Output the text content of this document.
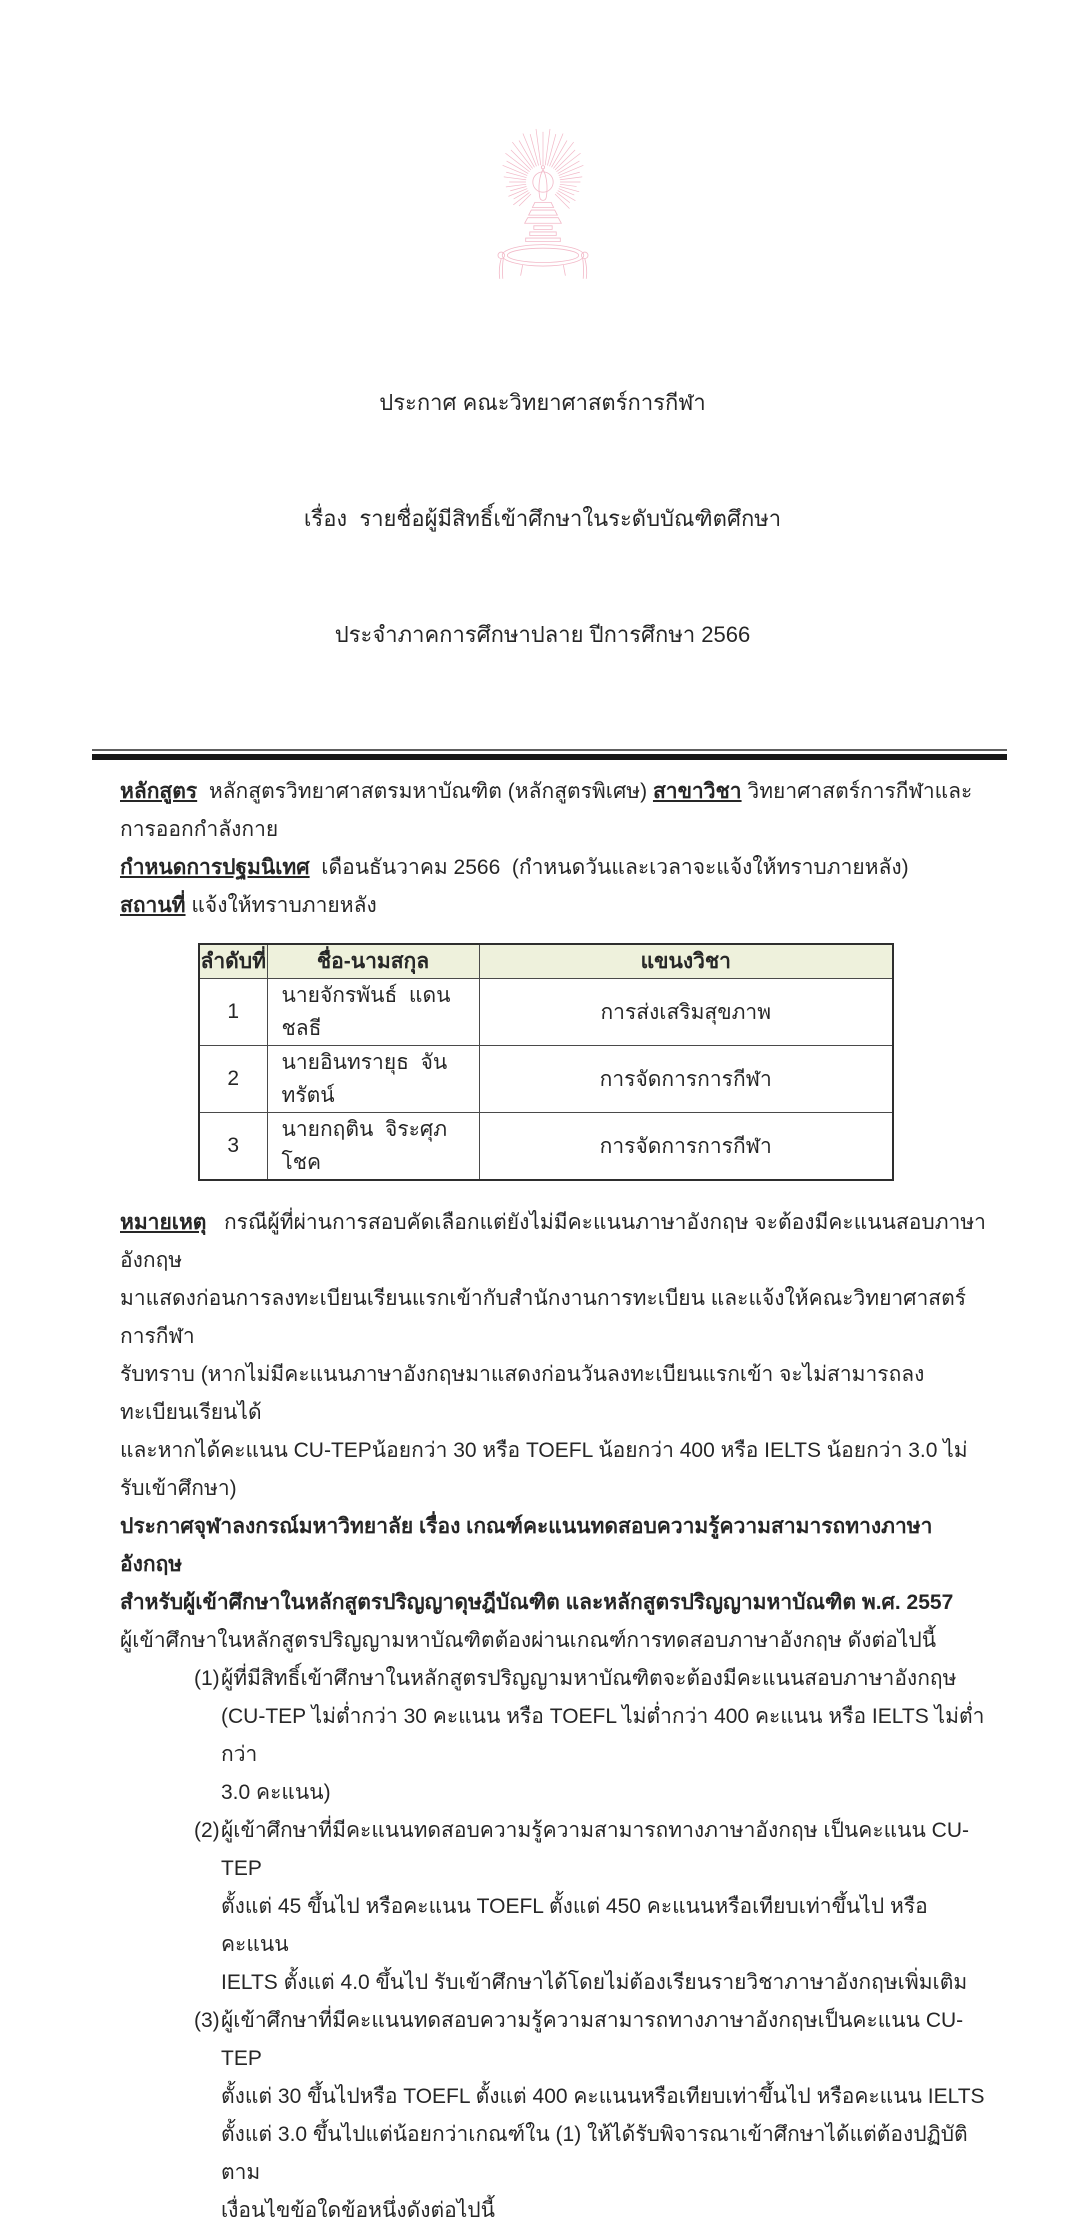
ประกาศ คณะวิทยาศาสตร์การกีฬา

เรื่อง  รายชื่อผู้มีสิทธิ์เข้าศึกษาในระดับบัณฑิตศึกษา

ประจำภาคการศึกษาปลาย ปีการศึกษา 2566

หลักสูตร  หลักสูตรวิทยาศาสตรมหาบัณฑิต (หลักสูตรพิเศษ) สาขาวิชา วิทยาศาสตร์การกีฬาและการออกกำลังกาย
กำหนดการปฐมนิเทศ  เดือนธันวาคม 2566  (กำหนดวันและเวลาจะแจ้งให้ทราบภายหลัง)
สถานที่ แจ้งให้ทราบภายหลัง
ลำดับที่	ชื่อ-นามสกุล	แขนงวิชา
1	นายจักรพันธ์  แดนชลธี	การส่งเสริมสุขภาพ
2	นายอินทรายุธ  จันทรัตน์	การจัดการการกีฬา
3	นายกฤติน  จิระศุภโชค	การจัดการการกีฬา
หมายเหตุ   กรณีผู้ที่ผ่านการสอบคัดเลือกแต่ยังไม่มีคะแนนภาษาอังกฤษ จะต้องมีคะแนนสอบภาษาอังกฤษ
มาแสดงก่อนการลงทะเบียนเรียนแรกเข้ากับสำนักงานการทะเบียน และแจ้งให้คณะวิทยาศาสตร์การกีฬา
รับทราบ (หากไม่มีคะแนนภาษาอังกฤษมาแสดงก่อนวันลงทะเบียนแรกเข้า จะไม่สามารถลงทะเบียนเรียนได้
และหากได้คะแนน CU-TEPน้อยกว่า 30 หรือ TOEFL น้อยกว่า 400 หรือ IELTS น้อยกว่า 3.0 ไม่รับเข้าศึกษา)
ประกาศจุฬาลงกรณ์มหาวิทยาลัย เรื่อง เกณฑ์คะแนนทดสอบความรู้ความสามารถทางภาษาอังกฤษ
สำหรับผู้เข้าศึกษาในหลักสูตรปริญญาดุษฎีบัณฑิต และหลักสูตรปริญญามหาบัณฑิต พ.ศ. 2557
ผู้เข้าศึกษาในหลักสูตรปริญญามหาบัณฑิตต้องผ่านเกณฑ์การทดสอบภาษาอังกฤษ ดังต่อไปนี้
(1) ผู้ที่มีสิทธิ์เข้าศึกษาในหลักสูตรปริญญามหาบัณฑิตจะต้องมีคะแนนสอบภาษาอังกฤษ
(CU-TEP ไม่ต่ำกว่า 30 คะแนน หรือ TOEFL ไม่ต่ำกว่า 400 คะแนน หรือ IELTS ไม่ต่ำกว่า
3.0 คะแนน)
(2) ผู้เข้าศึกษาที่มีคะแนนทดสอบความรู้ความสามารถทางภาษาอังกฤษ เป็นคะแนน CU-TEP
ตั้งแต่ 45 ขึ้นไป หรือคะแนน TOEFL ตั้งแต่ 450 คะแนนหรือเทียบเท่าขึ้นไป หรือคะแนน
IELTS ตั้งแต่ 4.0 ขึ้นไป รับเข้าศึกษาได้โดยไม่ต้องเรียนรายวิชาภาษาอังกฤษเพิ่มเติม
(3) ผู้เข้าศึกษาที่มีคะแนนทดสอบความรู้ความสามารถทางภาษาอังกฤษเป็นคะแนน CU-TEP
ตั้งแต่ 30 ขึ้นไปหรือ TOEFL ตั้งแต่ 400 คะแนนหรือเทียบเท่าขึ้นไป หรือคะแนน IELTS
ตั้งแต่ 3.0 ขึ้นไปแต่น้อยกว่าเกณฑ์ใน (1) ให้ได้รับพิจารณาเข้าศึกษาได้แต่ต้องปฏิบัติตาม
เงื่อนไขข้อใดข้อหนึ่งดังต่อไปนี้
